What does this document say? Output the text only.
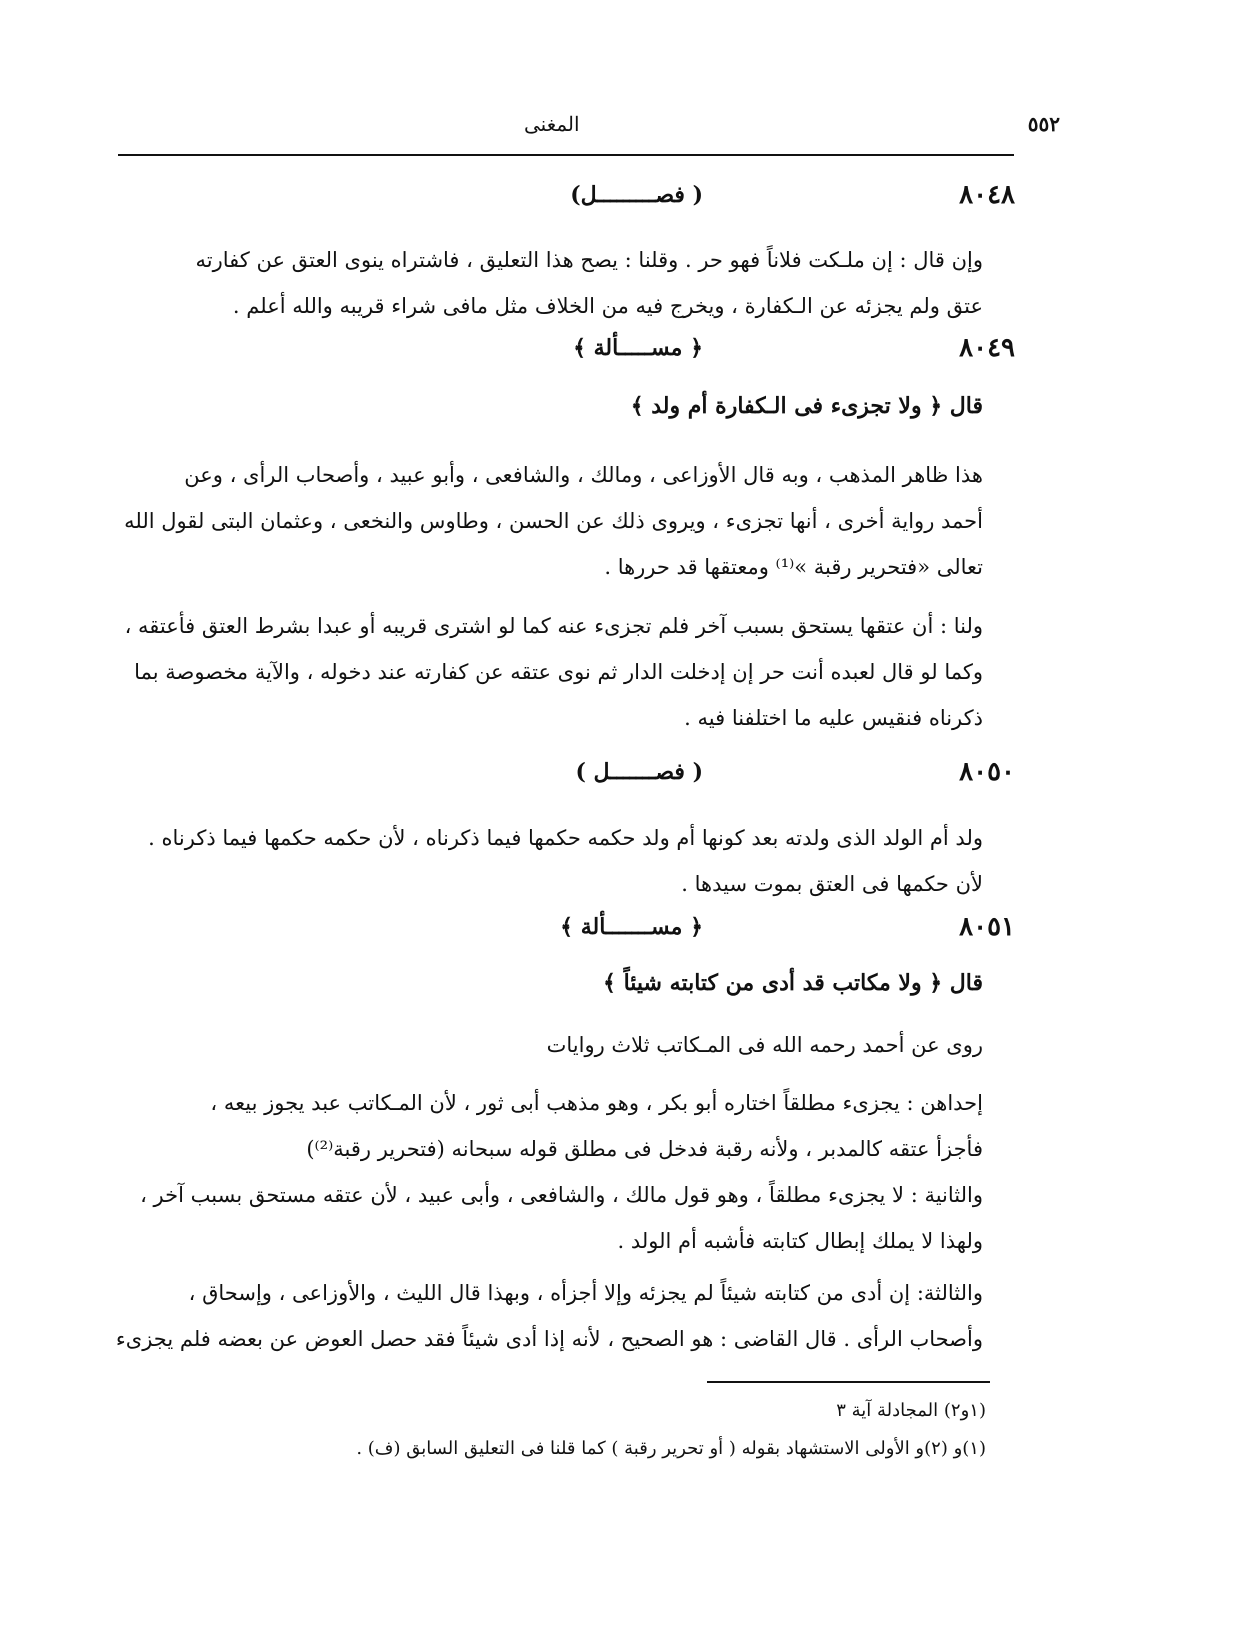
٥٥٢
المغنى
٨٠٤٨
( فصـــــــــل)
وإن قال : إن ملـكت فلاناً فهو حر . وقلنا : يصح هذا التعليق ، فاشتراه ينوى العتق عن كفارته
عتق ولم يجزئه عن الـكفارة ، ويخرج فيه من الخلاف مثل مافى شراء قريبه والله أعلم .
٨٠٤٩
﴿ مســـــألة ﴾
قال ﴿ ولا تجزىء فى الـكفارة أم ولد ﴾
هذا ظاهر المذهب ، وبه قال الأوزاعى ، ومالك ، والشافعى ، وأبو عبيد ، وأصحاب الرأى ، وعن
أحمد رواية أخرى ، أنها تجزىء ، ويروى ذلك عن الحسن ، وطاوس والنخعى ، وعثمان البتى لقول الله
تعالى «فتحرير رقبة »⁽¹⁾ ومعتقها قد حررها .
ولنا : أن عتقها يستحق بسبب آخر فلم تجزىء عنه كما لو اشترى قريبه أو عبدا بشرط العتق فأعتقه ،
وكما لو قال لعبده أنت حر إن إدخلت الدار ثم نوى عتقه عن كفارته عند دخوله ، والآية مخصوصة بما
ذكرناه فنقيس عليه ما اختلفنا فيه .
٨٠٥٠
( فصـــــــل )
ولد أم الولد الذى ولدته بعد كونها أم ولد حكمه حكمها فيما ذكرناه ، لأن حكمه حكمها فيما ذكرناه .
لأن حكمها فى العتق بموت سيدها .
٨٠٥١
﴿ مســـــــألة ﴾
قال ﴿ ولا مكاتب قد أدى من كتابته شيئاً ﴾
روى عن أحمد رحمه الله فى المـكاتب ثلاث روايات
إحداهن : يجزىء مطلقاً اختاره أبو بكر ، وهو مذهب أبى ثور ، لأن المـكاتب عبد يجوز بيعه ،
فأجزأ عتقه كالمدبر ، ولأنه رقبة فدخل فى مطلق قوله سبحانه (فتحرير رقبة⁽²⁾)
والثانية : لا يجزىء مطلقاً ، وهو قول مالك ، والشافعى ، وأبى عبيد ، لأن عتقه مستحق بسبب آخر ،
ولهذا لا يملك إبطال كتابته فأشبه أم الولد .
والثالثة: إن أدى من كتابته شيئاً لم يجزئه وإلا أجزأه ، وبهذا قال الليث ، والأوزاعى ، وإسحاق ،
وأصحاب الرأى . قال القاضى : هو الصحيح ، لأنه إذا أدى شيئاً فقد حصل العوض عن بعضه فلم يجزىء
(١و٢) المجادلة آية ٣
(١)و (٢)و الأولى الاستشهاد بقوله ( أو تحرير رقبة ) كما قلنا فى التعليق السابق (ف) .
